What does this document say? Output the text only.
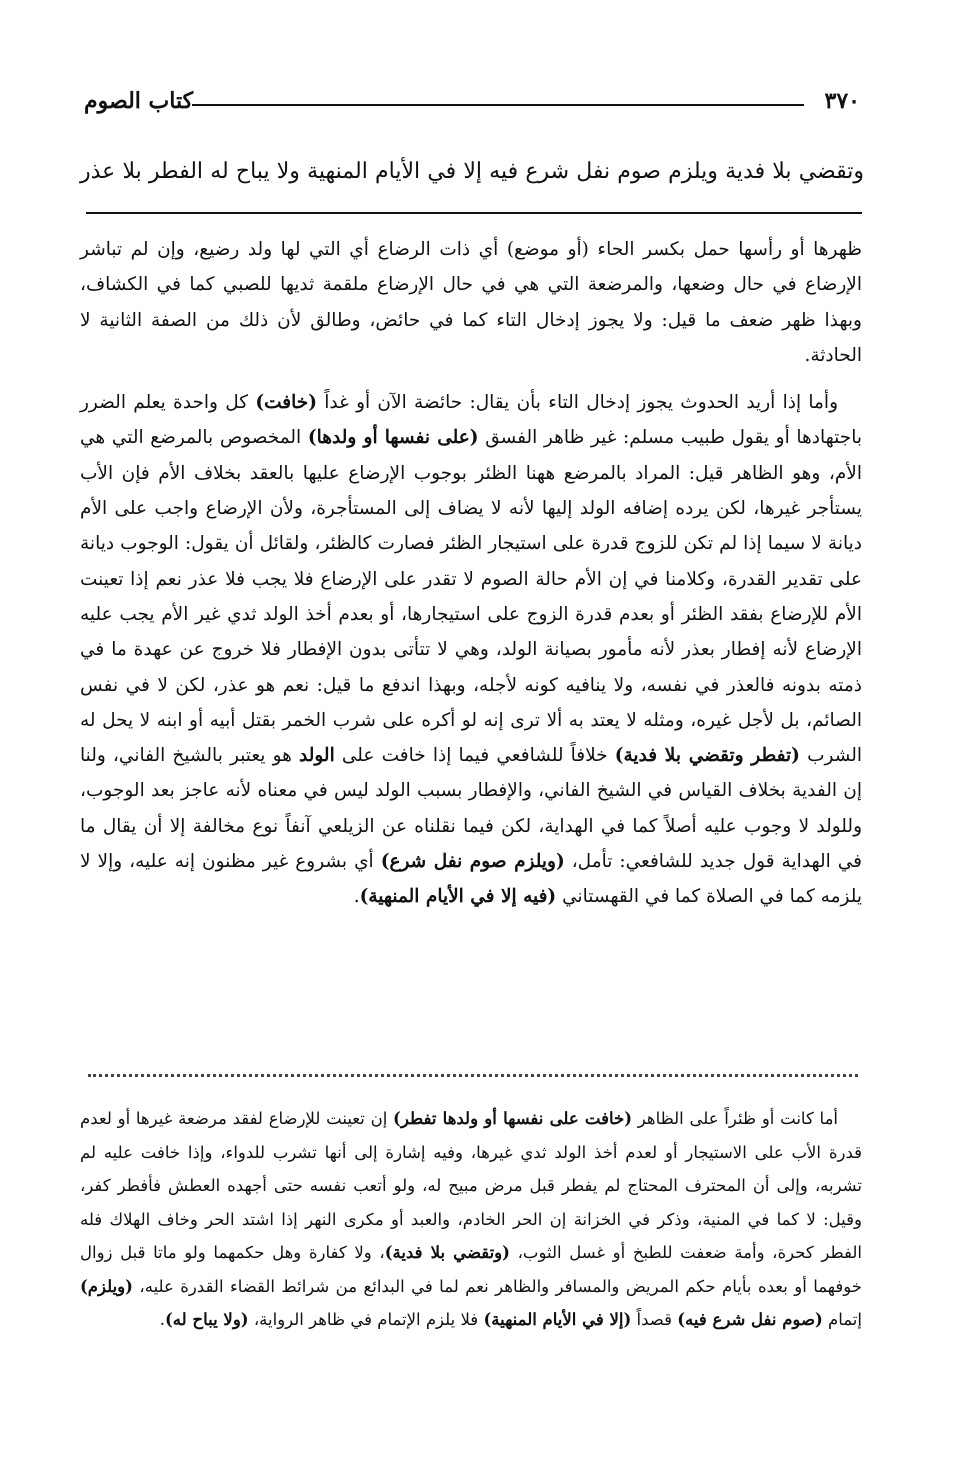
٣٧٠
كتاب الصوم
وتقضي بلا فدية ويلزم صوم نفل شرع فيه إلا في الأيام المنهية ولا يباح له الفطر بلا عذر

ظهرها أو رأسها حمل بكسر الحاء (أو موضع) أي ذات الرضاع أي التي لها ولد رضيع، وإن لم تباشر الإرضاع في حال وضعها، والمرضعة التي هي في حال الإرضاع ملقمة ثديها للصبي كما في الكشاف، وبهذا ظهر ضعف ما قيل: ولا يجوز إدخال التاء كما في حائض، وطالق لأن ذلك من الصفة الثانية لا الحادثة.

وأما إذا أريد الحدوث يجوز إدخال التاء بأن يقال: حائضة الآن أو غداً (خافت) كل واحدة يعلم الضرر باجتهادها أو يقول طبيب مسلم: غير ظاهر الفسق (على نفسها أو ولدها) المخصوص بالمرضع التي هي الأم، وهو الظاهر قيل: المراد بالمرضع ههنا الظئر بوجوب الإرضاع عليها بالعقد بخلاف الأم فإن الأب يستأجر غيرها، لكن يرده إضافه الولد إليها لأنه لا يضاف إلى المستأجرة، ولأن الإرضاع واجب على الأم ديانة لا سيما إذا لم تكن للزوج قدرة على استيجار الظئر فصارت كالظئر، ولقائل أن يقول: الوجوب ديانة على تقدير القدرة، وكلامنا في إن الأم حالة الصوم لا تقدر على الإرضاع فلا يجب فلا عذر نعم إذا تعينت الأم للإرضاع بفقد الظئر أو بعدم قدرة الزوج على استيجارها، أو بعدم أخذ الولد ثدي غير الأم يجب عليه الإرضاع لأنه إفطار بعذر لأنه مأمور بصيانة الولد، وهي لا تتأتى بدون الإفطار فلا خروج عن عهدة ما في ذمته بدونه فالعذر في نفسه، ولا ينافيه كونه لأجله، وبهذا اندفع ما قيل: نعم هو عذر، لكن لا في نفس الصائم، بل لأجل غيره، ومثله لا يعتد به ألا ترى إنه لو أكره على شرب الخمر بقتل أبيه أو ابنه لا يحل له الشرب (تفطر وتقضي بلا فدية) خلافاً للشافعي فيما إذا خافت على الولد هو يعتبر بالشيخ الفاني، ولنا إن الفدية بخلاف القياس في الشيخ الفاني، والإفطار بسبب الولد ليس في معناه لأنه عاجز بعد الوجوب، وللولد لا وجوب عليه أصلاً كما في الهداية، لكن فيما نقلناه عن الزيلعي آنفاً نوع مخالفة إلا أن يقال ما في الهداية قول جديد للشافعي: تأمل، (ويلزم صوم نفل شرع) أي بشروع غير مظنون إنه عليه، وإلا لا يلزمه كما في الصلاة كما في القهستاني (فيه إلا في الأيام المنهية).

أما كانت أو ظئراً على الظاهر (خافت على نفسها أو ولدها تفطر) إن تعينت للإرضاع لفقد مرضعة غيرها أو لعدم قدرة الأب على الاستيجار أو لعدم أخذ الولد ثدي غيرها، وفيه إشارة إلى أنها تشرب للدواء، وإذا خافت عليه لم تشربه، وإلى أن المحترف المحتاج لم يفطر قبل مرض مبيح له، ولو أتعب نفسه حتى أجهده العطش فأفطر كفر، وقيل: لا كما في المنية، وذكر في الخزانة إن الحر الخادم، والعبد أو مكرى النهر إذا اشتد الحر وخاف الهلاك فله الفطر كحرة، وأمة ضعفت للطبخ أو غسل الثوب، (وتقضي بلا فدية)، ولا كفارة وهل حكمهما ولو ماتا قبل زوال خوفهما أو بعده بأيام حكم المريض والمسافر والظاهر نعم لما في البدائع من شرائط القضاء القدرة عليه، (ويلزم) إتمام (صوم نفل شرع فيه) قصداً (إلا في الأيام المنهية) فلا يلزم الإتمام في ظاهر الرواية، (ولا يباح له).
